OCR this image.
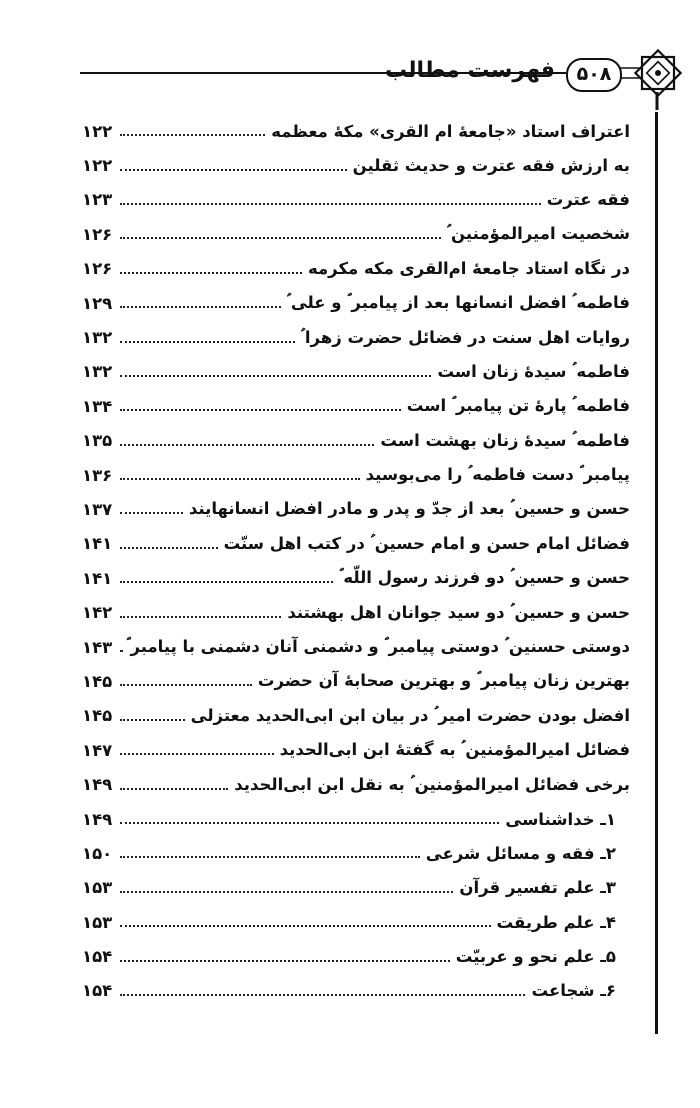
۵۰۸
فهرست مطالب
اعتراف استاد «جامعهٔ ام القری» مکهٔ معظمه
۱۲۲
به ارزش فقه عترت و حدیث ثقلین
۱۲۲
فقه عترت
۱۲۳
شخصیت امیرالمؤمنین ؑ
۱۲۶
در نگاه استاد جامعهٔ ام‌القری مکه مکرمه
۱۲۶
فاطمه ؑ افضل انسانها بعد از پیامبر ؐ و علی ؑ
۱۲۹
روایات اهل سنت در فضائل حضرت زهرا ؑ
۱۳۲
فاطمه ؑ سیدهٔ زنان است
۱۳۲
فاطمه ؑ پارهٔ تن پیامبر ؐ است
۱۳۴
فاطمه ؑ سیدهٔ زنان بهشت است
۱۳۵
پیامبر ؐ دست فاطمه ؑ را می‌بوسید
۱۳۶
حسن و حسین ؑ بعد از جدّ و پدر و مادر افضل انسانهایند
۱۳۷
فضائل امام حسن و امام حسین ؑ در کتب اهل سنّت
۱۴۱
حسن و حسین ؑ دو فرزند رسول اللّه ؐ
۱۴۱
حسن و حسین ؑ دو سید جوانان اهل بهشتند
۱۴۲
دوستی حسنین ؑ دوستی پیامبر ؐ و دشمنی آنان دشمنی با پیامبر ؐ
۱۴۳
بهترین زنان پیامبر ؐ و بهترین صحابهٔ آن حضرت
۱۴۵
افضل بودن حضرت امیر ؑ در بیان ابن ابی‌الحدید معتزلی
۱۴۵
فضائل امیرالمؤمنین ؑ به گفتهٔ ابن ابی‌الحدید
۱۴۷
برخی فضائل امیرالمؤمنین ؑ به نقل ابن ابی‌الحدید
۱۴۹
۱ـ خداشناسی
۱۴۹
۲ـ فقه و مسائل شرعی
۱۵۰
۳ـ علم تفسیر قرآن
۱۵۳
۴ـ علم طریقت
۱۵۳
۵ـ علم نحو و عربیّت
۱۵۴
۶ـ شجاعت
۱۵۴
